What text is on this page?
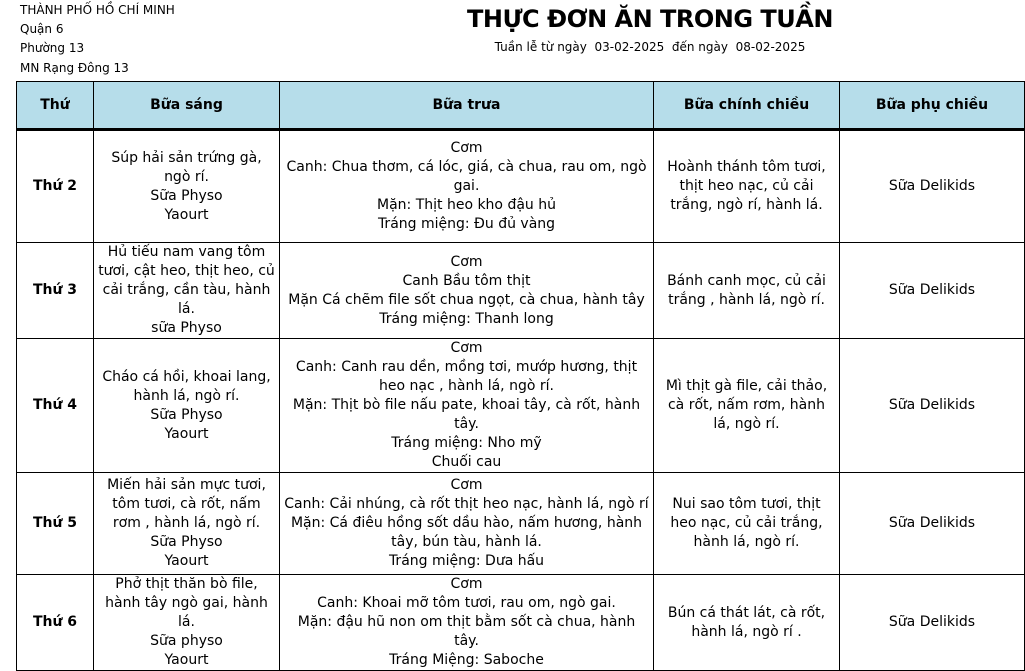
THÀNH PHỐ HỒ CHÍ MINH
Quận 6
Phường 13
MN Rạng Đông 13
THỰC ĐƠN ĂN TRONG TUẦN
Tuần lễ từ ngày  03-02-2025  đến ngày  08-02-2025
Thứ	Bữa sáng	Bữa trưa	Bữa chính chiều	Bữa phụ chiều
Thứ 2	Súp hải sản trứng gà, ngò rí.
Sữa Physo
Yaourt	Cơm
Canh: Chua thơm, cá lóc, giá, cà chua, rau om, ngò gai.
Mặn: Thịt heo kho đậu hủ
Tráng miệng: Đu đủ vàng	Hoành thánh tôm tươi, thịt heo nạc, củ cải trắng, ngò rí, hành lá.	Sữa Delikids

Thứ 3	Hủ tiếu nam vang tôm tươi, cật heo, thịt heo, củ cải trắng, cần tàu, hành lá.
sữa Physo	Cơm
Canh Bầu tôm thịt
Mặn Cá chẽm file sốt chua ngọt, cà chua, hành tây
Tráng miệng: Thanh long	Bánh canh mọc, củ cải trắng , hành lá, ngò rí.	Sữa Delikids

Thứ 4	Cháo cá hồi, khoai lang, hành lá, ngò rí.
Sữa Physo
Yaourt	Cơm
Canh: Canh rau dền, mồng tơi, mướp hương, thịt heo nạc , hành lá, ngò rí.
Mặn: Thịt bò file nấu pate, khoai tây, cà rốt, hành tây.
Tráng miệng: Nho mỹ
Chuối cau	Mì thịt gà file, cải thảo, cà rốt, nấm rơm, hành lá, ngò rí.	Sữa Delikids

Thứ 5	Miến hải sản mực tươi, tôm tươi, cà rốt, nấm rơm , hành lá, ngò rí.
Sữa Physo
Yaourt	Cơm
Canh: Cải nhúng, cà rốt thịt heo nạc, hành lá, ngò rí
Mặn: Cá điêu hồng sốt dầu hào, nấm hương, hành tây, bún tàu, hành lá.
Tráng miệng: Dưa hấu	Nui sao tôm tươi, thịt heo nạc, củ cải trắng, hành lá, ngò rí.	Sữa Delikids

Thứ 6	Phở thịt thăn bò file, hành tây ngò gai, hành lá.
Sữa physo
Yaourt	Cơm
Canh: Khoai mỡ tôm tươi, rau om, ngò gai.
Mặn: đậu hũ non om thịt bằm sốt cà chua, hành tây.
Tráng Miệng: Saboche	Bún cá thát lát, cà rốt, hành lá, ngò rí .	Sữa Delikids
